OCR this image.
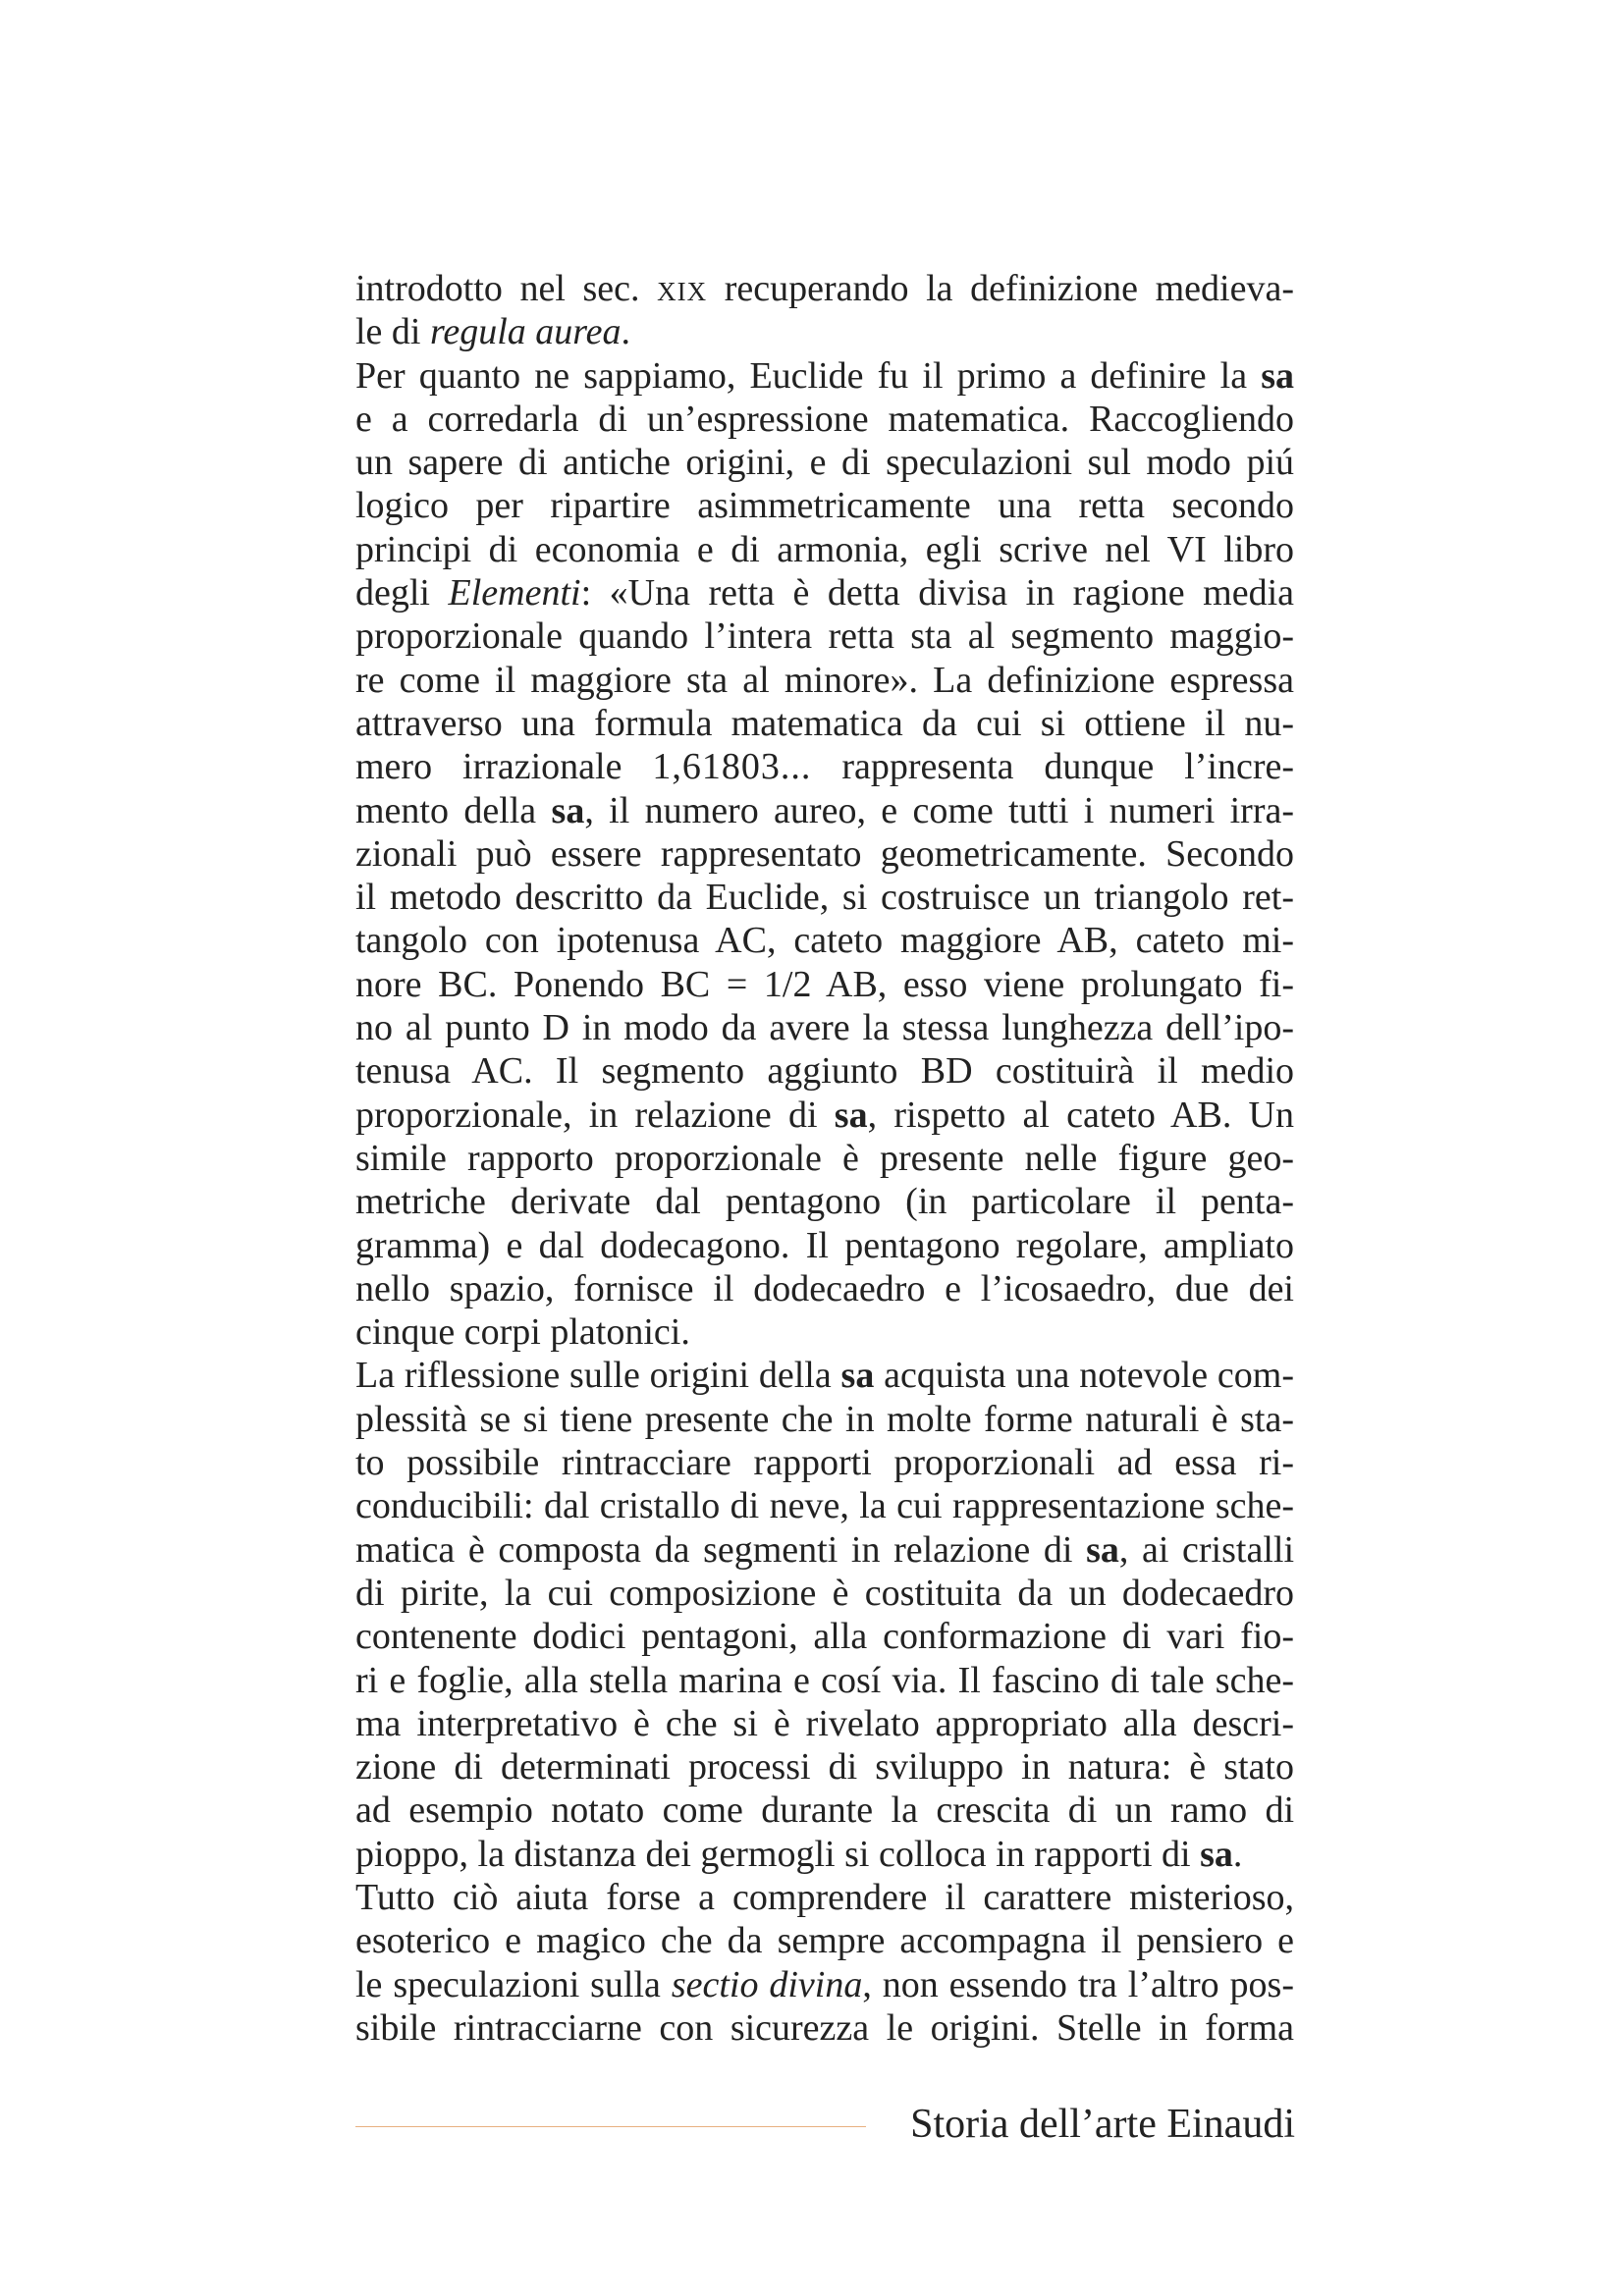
introdotto nel sec. xix recuperando la definizione medieva-
le di regula aurea.
Per quanto ne sappiamo, Euclide fu il primo a definire la sa
e a corredarla di un’espressione matematica. Raccogliendo
un sapere di antiche origini, e di speculazioni sul modo piú
logico per ripartire asimmetricamente una retta secondo
principi di economia e di armonia, egli scrive nel VI libro
degli Elementi: «Una retta è detta divisa in ragione media
proporzionale quando l’intera retta sta al segmento maggio-
re come il maggiore sta al minore». La definizione espressa
attraverso una formula matematica da cui si ottiene il nu-
mero irrazionale 1,61803... rappresenta dunque l’incre-
mento della sa, il numero aureo, e come tutti i numeri irra-
zionali può essere rappresentato geometricamente. Secondo
il metodo descritto da Euclide, si costruisce un triangolo ret-
tangolo con ipotenusa AC, cateto maggiore AB, cateto mi-
nore BC. Ponendo BC = 1/2 AB, esso viene prolungato fi-
no al punto D in modo da avere la stessa lunghezza dell’ipo-
tenusa AC. Il segmento aggiunto BD costituirà il medio
proporzionale, in relazione di sa, rispetto al cateto AB. Un
simile rapporto proporzionale è presente nelle figure geo-
metriche derivate dal pentagono (in particolare il penta-
gramma) e dal dodecagono. Il pentagono regolare, ampliato
nello spazio, fornisce il dodecaedro e l’icosaedro, due dei
cinque corpi platonici.
La riflessione sulle origini della sa acquista una notevole com-
plessità se si tiene presente che in molte forme naturali è sta-
to possibile rintracciare rapporti proporzionali ad essa ri-
conducibili: dal cristallo di neve, la cui rappresentazione sche-
matica è composta da segmenti in relazione di sa, ai cristalli
di pirite, la cui composizione è costituita da un dodecaedro
contenente dodici pentagoni, alla conformazione di vari fio-
ri e foglie, alla stella marina e cosí via. Il fascino di tale sche-
ma interpretativo è che si è rivelato appropriato alla descri-
zione di determinati processi di sviluppo in natura: è stato
ad esempio notato come durante la crescita di un ramo di
pioppo, la distanza dei germogli si colloca in rapporti di sa.
Tutto ciò aiuta forse a comprendere il carattere misterioso,
esoterico e magico che da sempre accompagna il pensiero e
le speculazioni sulla sectio divina, non essendo tra l’altro pos-
sibile rintracciarne con sicurezza le origini. Stelle in forma
Storia dell’arte Einaudi
